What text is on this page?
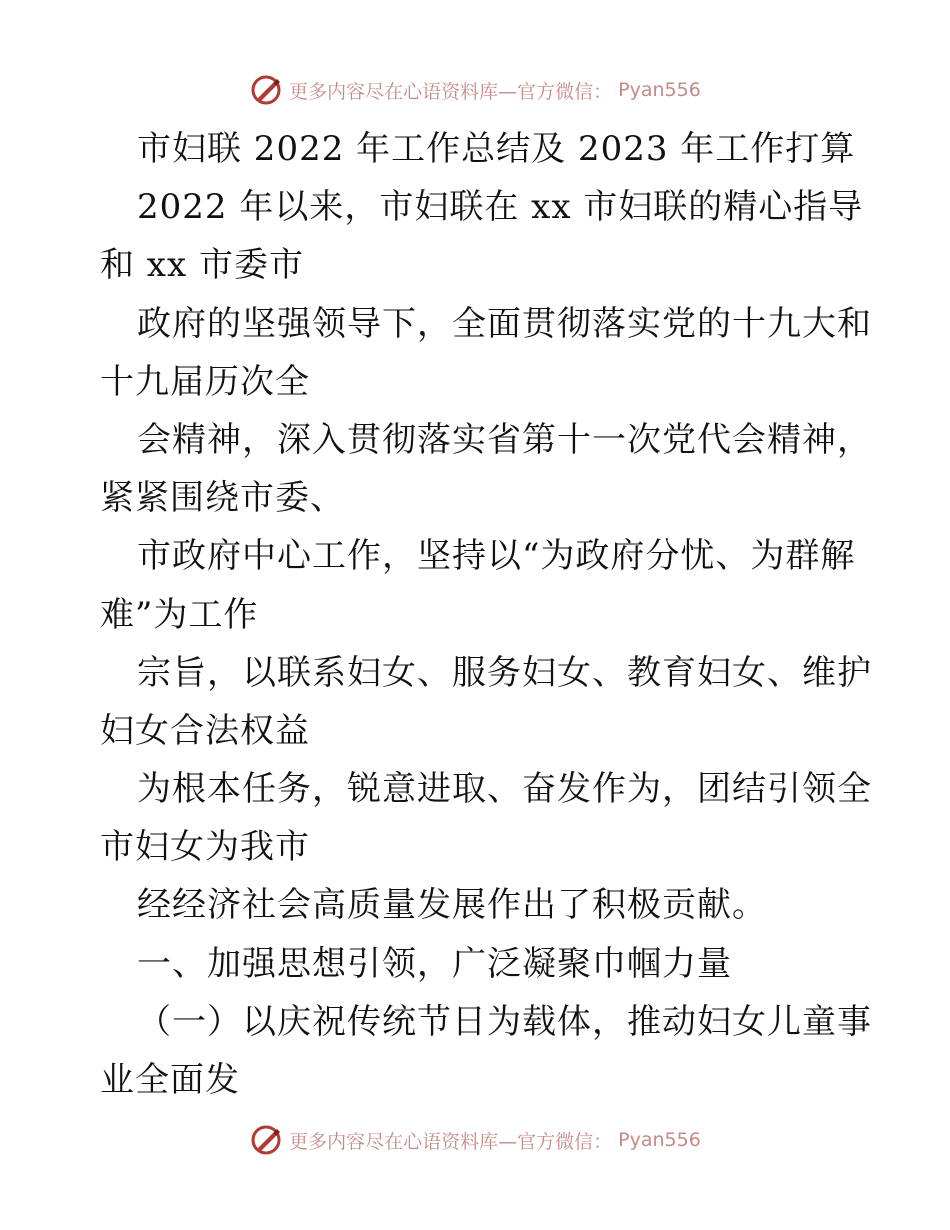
更多内容尽在心语资料库—官方微信： Pyan556
市妇联 2022 年工作总结及 2023 年工作打算
2022 年以来，市妇联在 xx 市妇联的精心指导
和 xx 市委市
政府的坚强领导下，全面贯彻落实党的十九大和
十九届历次全
会精神，深入贯彻落实省第十一次党代会精神，
紧紧围绕市委、
市政府中心工作，坚持以“为政府分忧、为群解
难”为工作
宗旨，以联系妇女、服务妇女、教育妇女、维护
妇女合法权益
为根本任务，锐意进取、奋发作为，团结引领全
市妇女为我市
经经济社会高质量发展作出了积极贡献。
一、加强思想引领，广泛凝聚巾帼力量
（一）以庆祝传统节日为载体，推动妇女儿童事
业全面发
更多内容尽在心语资料库—官方微信： Pyan556
